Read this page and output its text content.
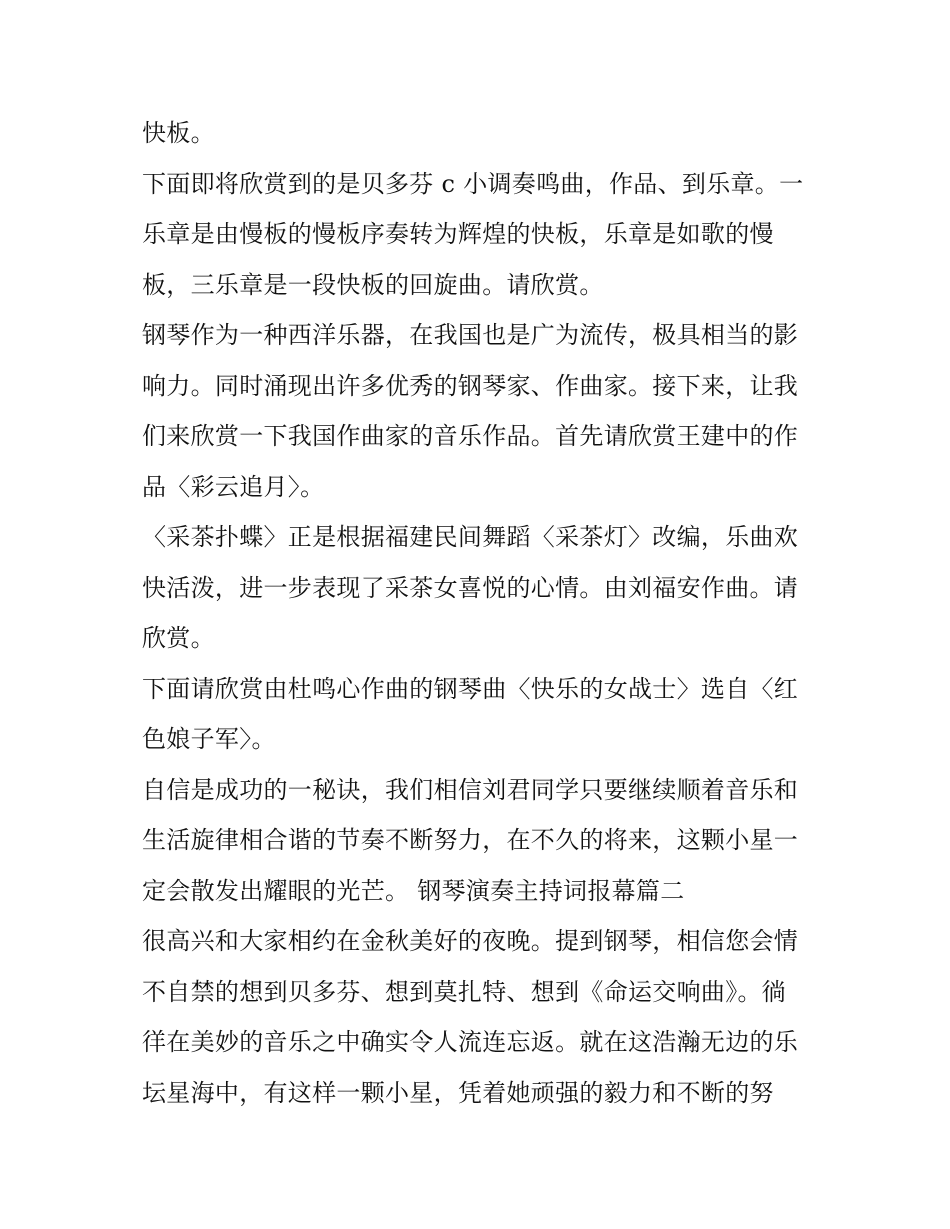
快板。
下面即将欣赏到的是贝多芬 c 小调奏鸣曲，作品、到乐章。一
乐章是由慢板的慢板序奏转为辉煌的快板，乐章是如歌的慢
板，三乐章是一段快板的回旋曲。请欣赏。
钢琴作为一种西洋乐器，在我国也是广为流传，极具相当的影
响力。同时涌现出许多优秀的钢琴家、作曲家。接下来，让我
们来欣赏一下我国作曲家的音乐作品。首先请欣赏王建中的作
品〈彩云追月〉。
〈采茶扑蝶〉正是根据福建民间舞蹈〈采茶灯〉改编，乐曲欢
快活泼，进一步表现了采茶女喜悦的心情。由刘福安作曲。请
欣赏。
下面请欣赏由杜鸣心作曲的钢琴曲〈快乐的女战士〉选自〈红
色娘子军〉。
自信是成功的一秘诀，我们相信刘君同学只要继续顺着音乐和
生活旋律相合谐的节奏不断努力，在不久的将来，这颗小星一
定会散发出耀眼的光芒。 钢琴演奏主持词报幕篇二
很高兴和大家相约在金秋美好的夜晚。提到钢琴，相信您会情
不自禁的想到贝多芬、想到莫扎特、想到《命运交响曲》。徜
徉在美妙的音乐之中确实令人流连忘返。就在这浩瀚无边的乐
坛星海中，有这样一颗小星，凭着她顽强的毅力和不断的努
